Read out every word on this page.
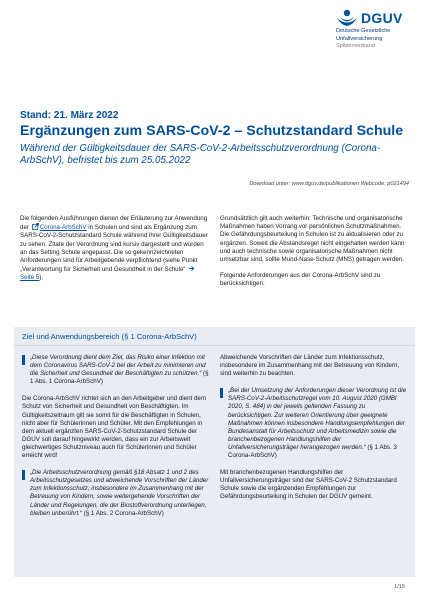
DGUV
Deutsche Gesetzliche
Unfallversicherung
Spitzenverband
Stand: 21. März 2022
Ergänzungen zum SARS-CoV-2 – Schutzstandard Schule
Während der Gültigkeitsdauer der SARS-CoV-2-Arbeitsschutzverordnung (Corona-ArbSchV), befristet bis zum 25.05.2022
Download unter: www.dguv.de/publikationen Webcode: p021494

Die folgenden Ausführungen dienen der Erläuterung zur Anwendung der Corona-ArbSchV in Schulen und sind als Ergänzung zum SARS-CoV-2-Schutzstandard Schule während ihrer Gültigkeitsdauer zu sehen. Zitate der Verordnung sind kursiv dargestellt und wurden an das Setting Schule angepasst. Die so gekennzeichneten Anforderungen sind für Arbeitgebende verpflichtend (siehe Punkt „Verantwortung für Sicherheit und Gesundheit in der Schule“ Seite 5).

Grundsätzlich gilt auch weiterhin: Technische und organisatorische Maßnahmen haben Vorrang vor persönlichen Schutzmaßnahmen. Die Gefährdungsbeurteilung in Schulen ist zu aktualisieren oder zu ergänzen. Soweit die Abstandsregel nicht eingehalten werden kann und auch technische sowie organisatorische Maßnahmen nicht umsetzbar sind, sollte Mund-Nase-Schutz (MNS) getragen werden.

Folgende Anforderungen aus der Corona-ArbSchV sind zu berücksichtigen:

Ziel und Anwendungsbereich (§ 1 Corona-ArbSchV)
„Diese Verordnung dient dem Ziel, das Risiko einer Infektion mit dem Coronavirus SARS-CoV-2 bei der Arbeit zu minimieren und die Sicherheit und Gesundheit der Beschäftigten zu schützen.“ (§ 1 Abs. 1 Corona-ArbSchV)
Die Corona-ArbSchV richtet sich an den Arbeitgeber und dient dem Schutz von Sicherheit und Gesundheit von Beschäftigten. Im Gültigkeitszeitraum gilt sie somit für die Beschäftigten in Schulen, nicht aber für Schülerinnen und Schüler. Mit den Empfehlungen in dem aktuell ergänzten SARS-CoV-2-Schutzstandard Schule der DGUV soll darauf hingewirkt werden, dass ein zur Arbeitswelt gleichwertiges Schutzniveau auch für Schülerinnen und Schüler erreicht wird!
„Die Arbeitsschutzverordnung gemäß §18 Absatz 1 und 2 des Arbeitsschutzgesetzes und abweichende Vorschriften der Länder zum Infektionsschutz, insbesondere im Zusammenhang mit der Betreuung von Kindern, sowie weitergehende Vorschriften der Länder und Regelungen, die der Biostoffverordnung unterliegen, bleiben unberührt.“ (§ 1 Abs. 2 Corona-ArbSchV)
Abweichende Vorschriften der Länder zum Infektionsschutz, insbesondere im Zusammenhang mit der Betreuung von Kindern, sind weiterhin zu beachten.
„Bei der Umsetzung der Anforderungen dieser Verordnung ist die SARS-CoV-2-Arbeitsschutzregel vom 10. August 2020 (GMBl 2020, S. 484) in der jeweils geltenden Fassung zu berücksichtigen. Zur weiteren Orientierung über geeignete Maßnahmen können insbesondere Handlungsempfehlungen der Bundesanstalt für Arbeitsschutz und Arbeitsmedizin sowie die branchenbezogenen Handlungshilfen der Unfallversicherungsträger herangezogen werden.“ (§ 1 Abs. 3 Corona-ArbSchV)
Mit branchenbezogenen Handlungshilfen der Unfallversicherungsträger sind der SARS-CoV-2 Schutzstandard Schule sowie die ergänzenden Empfehlungen zur Gefährdungsbeurteilung in Schulen der DGUV gemeint.
1/15
